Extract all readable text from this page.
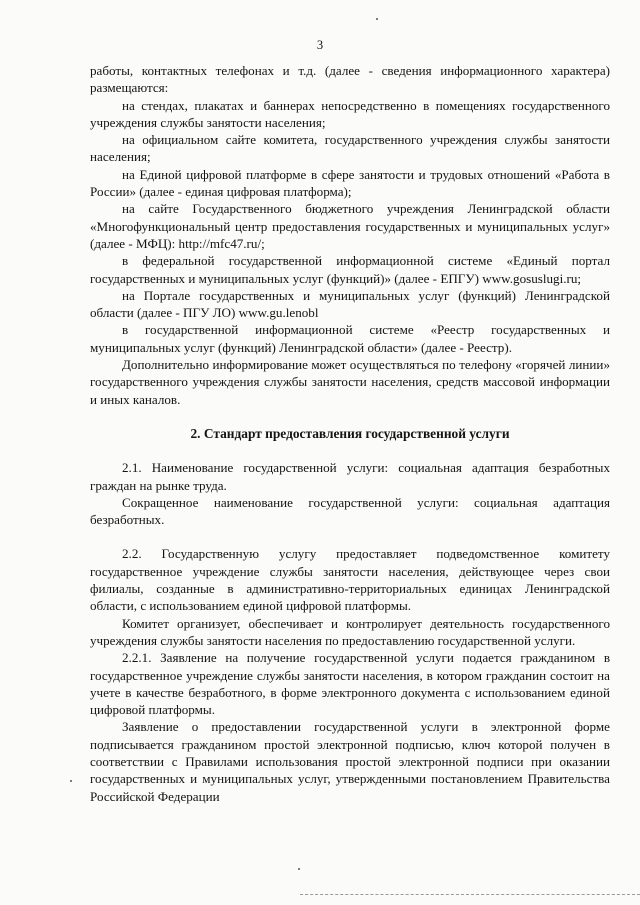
3

работы, контактных телефонах и т.д. (далее - сведения информационного характера) размещаются:

на стендах, плакатах и баннерах непосредственно в помещениях государственного учреждения службы занятости населения;

на официальном сайте комитета, государственного учреждения службы занятости населения;

на Единой цифровой платформе в сфере занятости и трудовых отношений «Работа в России» (далее - единая цифровая платформа);

на сайте Государственного бюджетного учреждения Ленинградской области «Многофункциональный центр предоставления государственных и муниципальных услуг» (далее - МФЦ): http://mfc47.ru/;

в федеральной государственной информационной системе «Единый портал государственных и муниципальных услуг (функций)» (далее - ЕПГУ) www.gosuslugi.ru;

на Портале государственных и муниципальных услуг (функций) Ленинградской области (далее - ПГУ ЛО) www.gu.lenobl

в государственной информационной системе «Реестр государственных и муниципальных услуг (функций) Ленинградской области» (далее - Реестр).

Дополнительно информирование может осуществляться по телефону «горячей линии» государственного учреждения службы занятости населения, средств массовой информации и иных каналов.

2. Стандарт предоставления государственной услуги

2.1. Наименование государственной услуги: социальная адаптация безработных граждан на рынке труда.

Сокращенное наименование государственной услуги: социальная адаптация безработных.

2.2. Государственную услугу предоставляет подведомственное комитету государственное учреждение службы занятости населения, действующее через свои филиалы, созданные в административно-территориальных единицах Ленинградской области, с использованием единой цифровой платформы.

Комитет организует, обеспечивает и контролирует деятельность государственного учреждения службы занятости населения по предоставлению государственной услуги.

2.2.1. Заявление на получение государственной услуги подается гражданином в государственное учреждение службы занятости населения, в котором гражданин состоит на учете в качестве безработного, в форме электронного документа с использованием единой цифровой платформы.

Заявление о предоставлении государственной услуги в электронной форме подписывается гражданином простой электронной подписью, ключ которой получен в соответствии с Правилами использования простой электронной подписи при оказании государственных и муниципальных услуг, утвержденными постановлением Правительства Российской Федерации
